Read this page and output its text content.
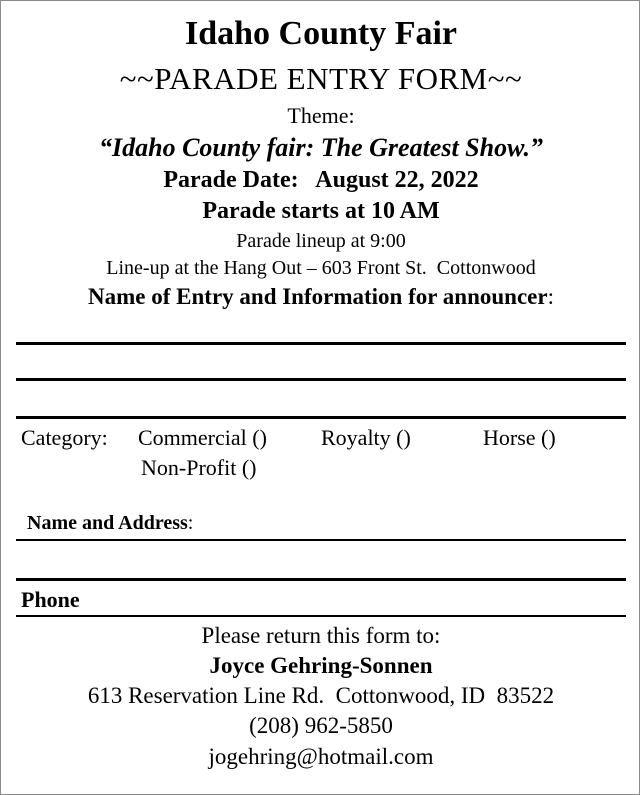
Idaho County Fair
~~PARADE ENTRY FORM~~
Theme:
“Idaho County fair: The Greatest Show.”
Parade Date:   August 22, 2022
Parade starts at 10 AM
Parade lineup at 9:00
Line-up at the Hang Out – 603 Front St.  Cottonwood
Name of Entry and Information for announcer:
Category: Commercial () Royalty ()	Horse ()
Non-Profit ()
Name and Address:
Phone
Please return this form to:
Joyce Gehring-Sonnen
613 Reservation Line Rd.  Cottonwood, ID  83522
(208) 962-5850
jogehring@hotmail.com
